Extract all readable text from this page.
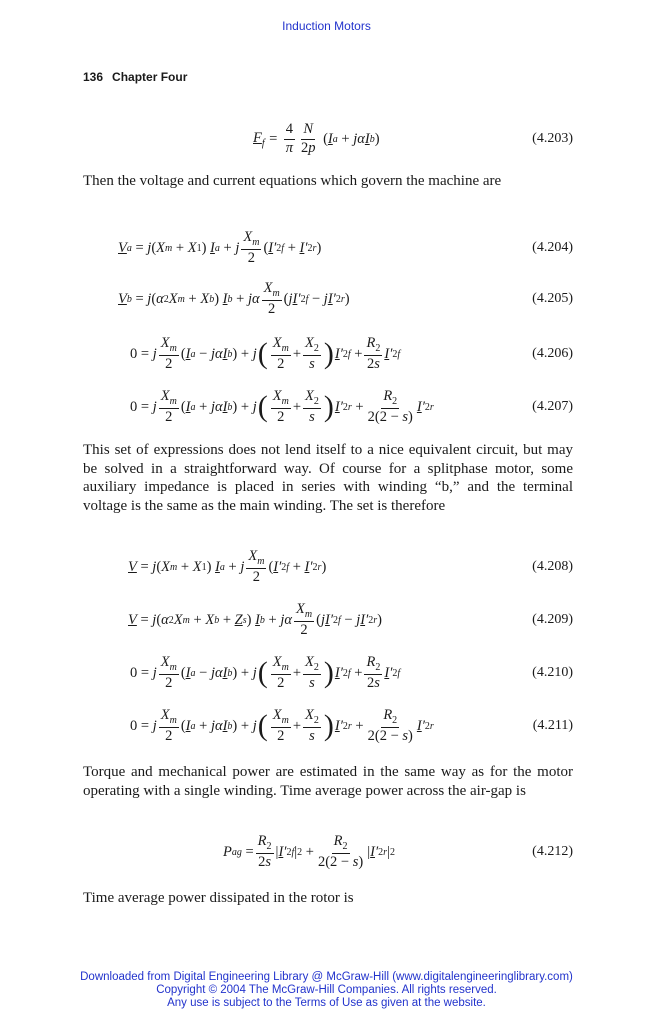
Induction Motors
136 Chapter Four
$F_f = \frac{4}{\pi} \frac{N}{2p}$
( I a
+ jα I b )	(4.203)
Then the voltage and current equations which govern the machine are
V a
= j ( X m
+ X 1 )
I a
+ j $\frac{X_m}{2}$ ( I ′ 2 f
+
I ′ 2 r )	(4.204)
V b
= j ( α 2 X m
+ X b )
I b
+ jα $\frac{X_m}{2}$ ( j I ′ 2 f
− j I ′ 2 r )	(4.205)
0
= j $\frac{X_m}{2}$ ( I a
− jα I b )
+ j ( $\frac{X_m}{2} + \frac{X_2}{s}$ ) I ′ 2 f
+ $\frac{R_2}{2s}$ I ′ 2 f	(4.206)
0
= j $\frac{X_m}{2}$ ( I a
+ jα I b )
+ j ( $\frac{X_m}{2} + \frac{X_2}{s}$ ) I ′ 2 r
+ $\frac{R_2}{2(2 - s)}$ I ′ 2 r	(4.207)
This set of expressions does not lend itself to a nice equivalent circuit, but may be solved in a straightforward way. Of course for a splitphase motor, some auxiliary impedance is placed in series with winding “b,” and the terminal voltage is the same as the main winding. The set is therefore
V
= j ( X m
+ X 1 )
I a
+ j $\frac{X_m}{2}$ ( I ′ 2 f
+
I ′ 2 r )	(4.208)
V
= j ( α 2 X m
+ X b
+
Z s )
I b
+ jα $\frac{X_m}{2}$ ( j I ′ 2 f
− j I ′ 2 r )	(4.209)
0
= j $\frac{X_m}{2}$ ( I a
− jα I b )
+ j ( $\frac{X_m}{2} + \frac{X_2}{s}$ ) I ′ 2 f
+ $\frac{R_2}{2s}$ I ′ 2 f	(4.210)
0
= j $\frac{X_m}{2}$ ( I a
+ jα I b )
+ j ( $\frac{X_m}{2} + \frac{X_2}{s}$ ) I ′ 2 r
+ $\frac{R_2}{2(2 - s)}$ I ′ 2 r	(4.211)
Torque and mechanical power are estimated in the same way as for the motor operating with a single winding. Time average power across the air-gap is
P ag
= $\frac{R_2}{2s}$ | I ′ 2 f | 2
+ $\frac{R_2}{2(2 - s)}$ | I ′ 2 r | 2	(4.212)
Time average power dissipated in the rotor is
Downloaded from Digital Engineering Library @ McGraw-Hill (www.digitalengineeringlibrary.com)
Copyright © 2004 The McGraw-Hill Companies. All rights reserved.
Any use is subject to the Terms of Use as given at the website.
